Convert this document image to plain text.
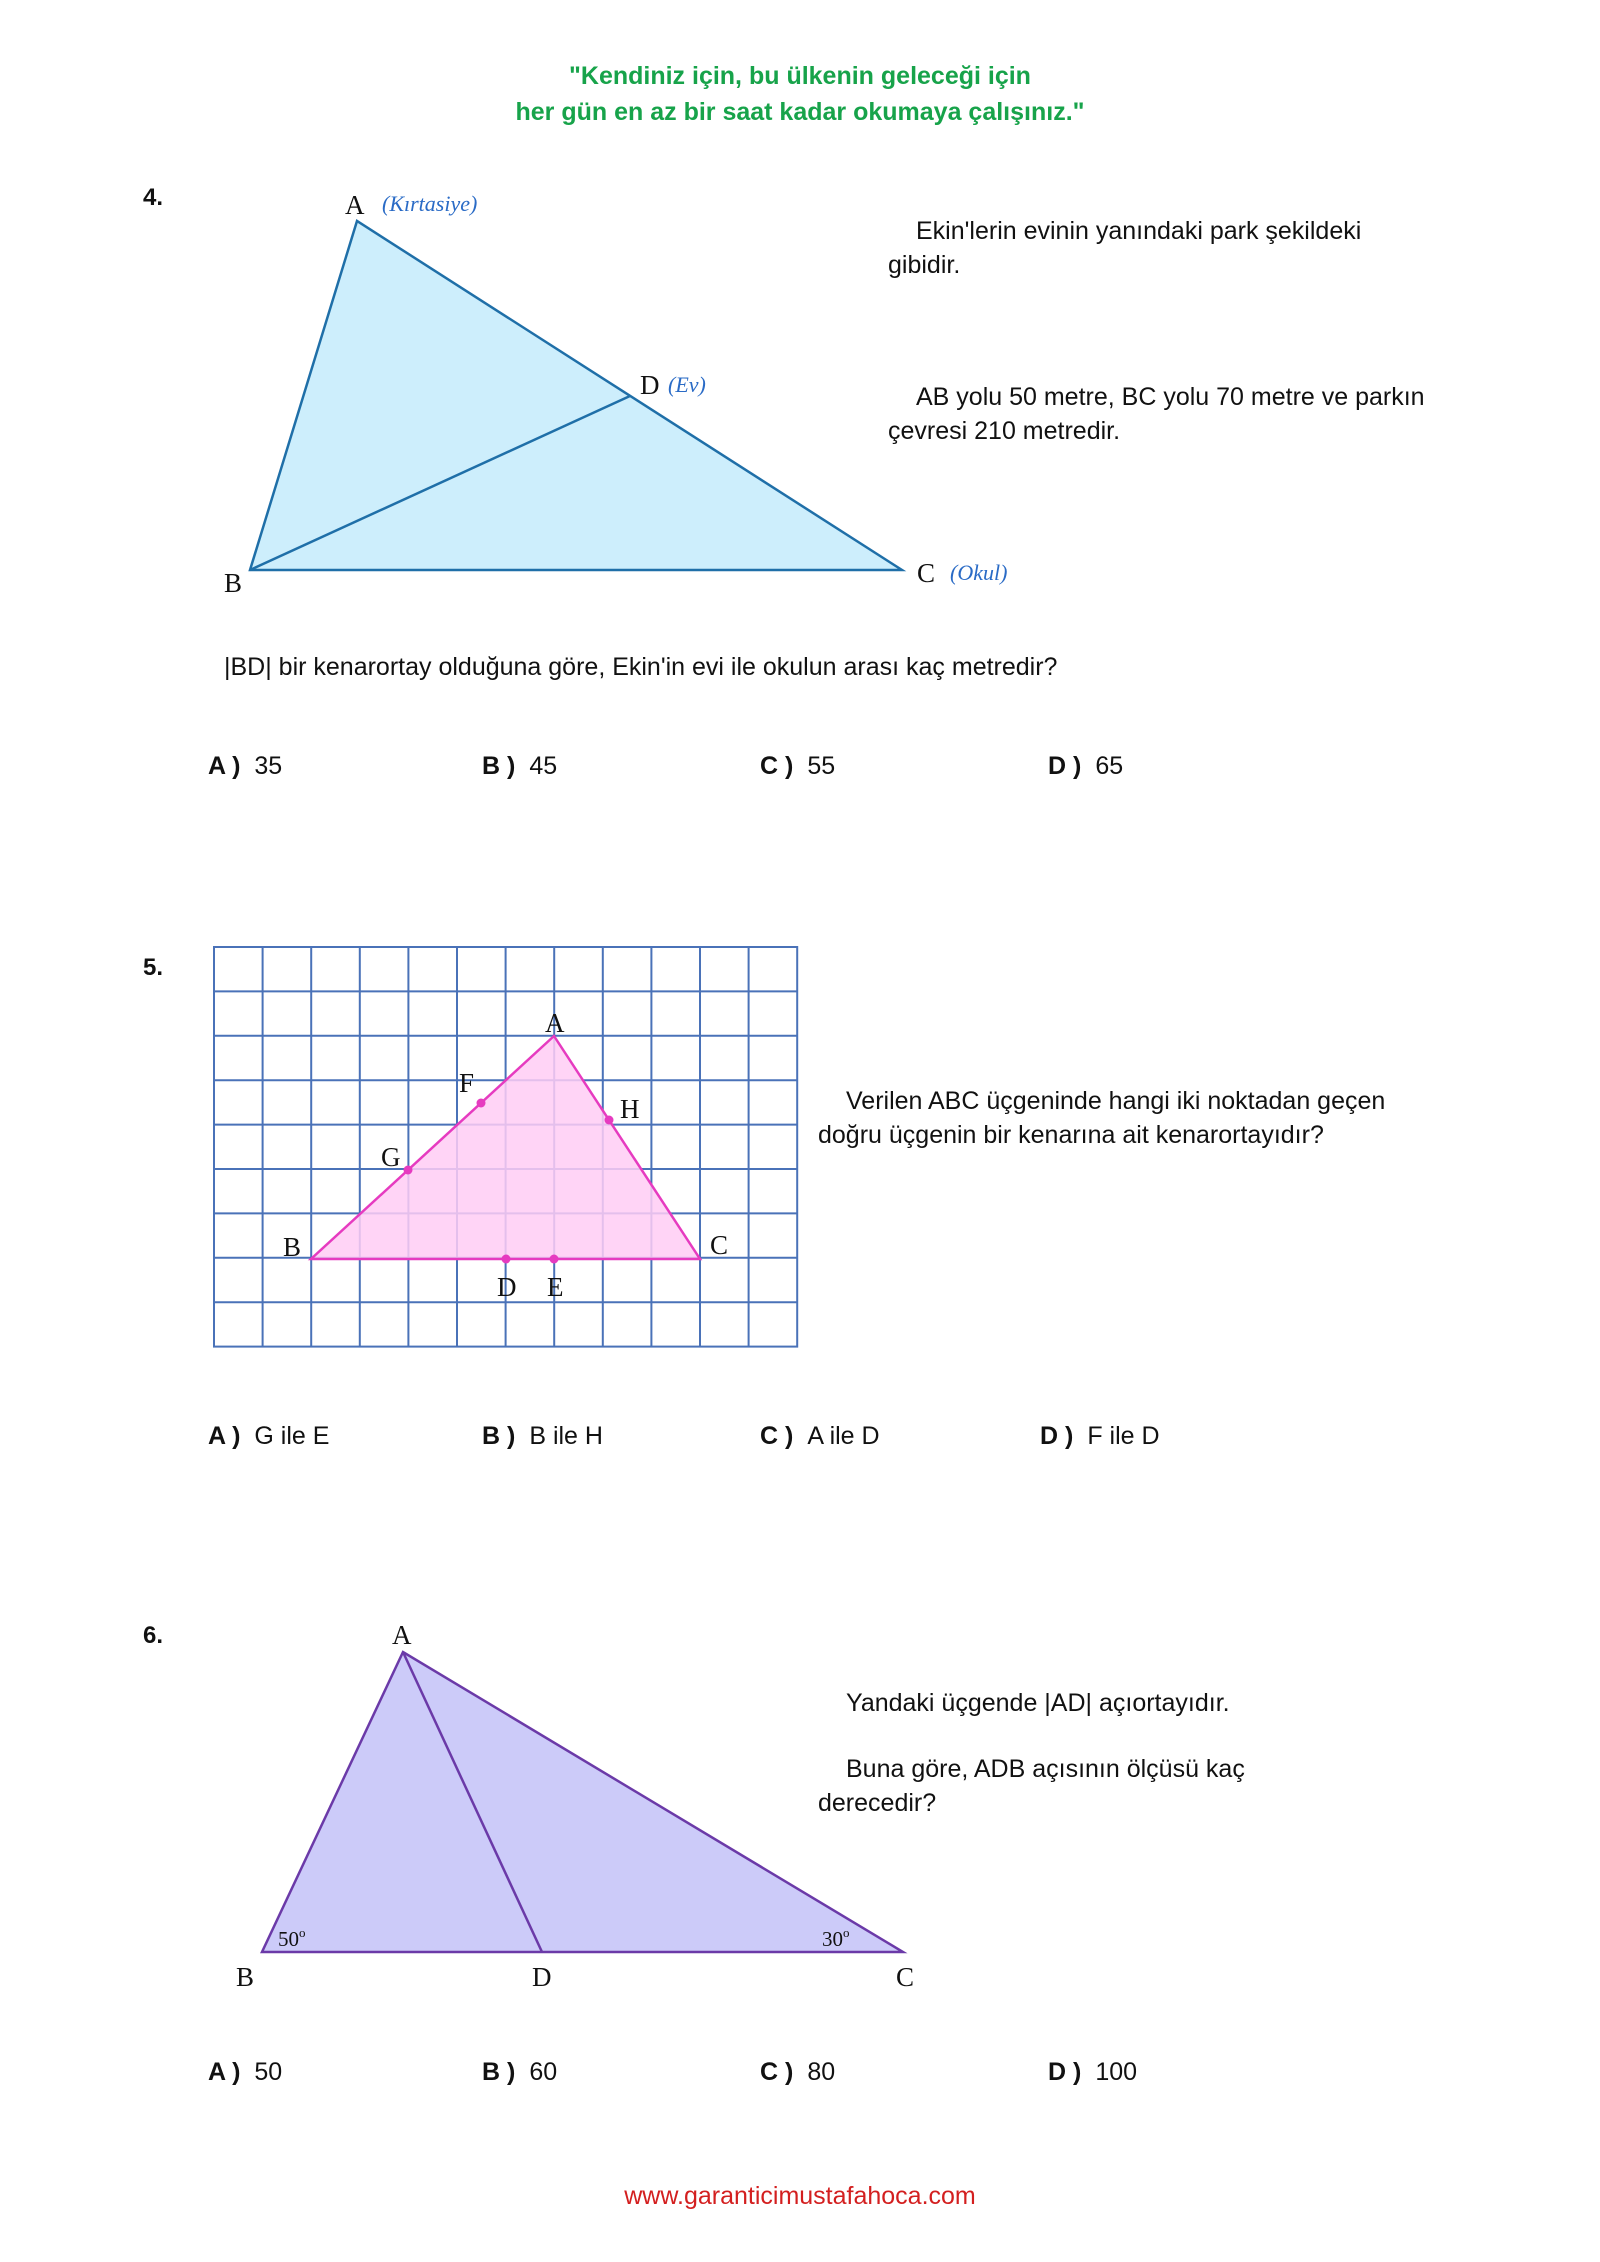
"Kendiniz için, bu ülkenin geleceği için
her gün en az bir saat kadar okumaya çalışınız."
4.	A (Kırtasiye)
B	C (Okul)
D (Ev)

Ekin'lerin evinin yanındaki park şekildeki gibidir.

AB yolu 50 metre, BC yolu 70 metre ve parkın çevresi 210 metredir.

|BD| bir kenarortay olduğuna göre, Ekin'in evi ile okulun arası kaç metredir?
A ) 35	B ) 45	C ) 55	D ) 65
5.
A
B	C
D E
F
G
H	Verilen ABC üçgeninde hangi iki noktadan geçen doğru üçgenin bir kenarına ait kenarortayıdır?

A ) G ile E	B ) B ile H	C ) A ile D	D ) F ile D
6.	A
B	C
D
50$^o$	30$^o$

Yandaki üçgende |AD| açıortayıdır.

Buna göre, ADB açısının ölçüsü kaç derecedir?

A ) 50	B ) 60	C ) 80	D ) 100
www.garanticimustafahoca.com
